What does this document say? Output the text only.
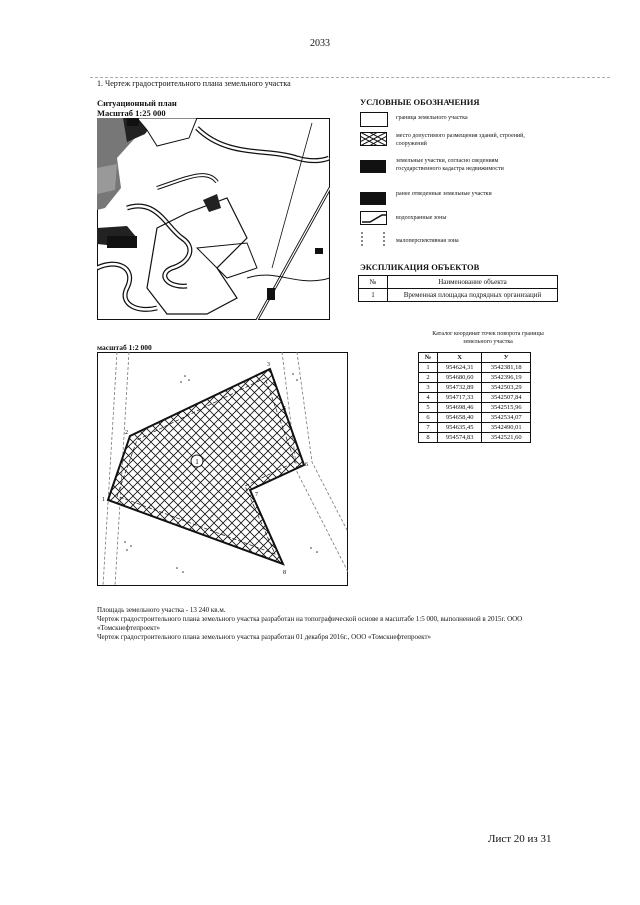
2033
1. Чертеж градостроительного плана земельного участка
Ситуационный план
Масштаб 1:25 000
УСЛОВНЫЕ ОБОЗНАЧЕНИЯ
граница земельного участка
место допустимого размещения зданий, строений, сооружений
земельные участки, согласно сведениям государственного кадастра недвижимости
ранее отведенные земельные участки
водоохранные зоны
малоперспективная зона
ЭКСПЛИКАЦИЯ ОБЪЕКТОВ
№	Наименование объекта
1	Временная площадка подрядных организаций
Каталог координат точек поворота границы земельного участка
№	X	У
1	954624,31	3542381,18
2	954680,60	3542396,19
3	954732,89	3542503,29
4	954717,33	3542507,84
5	954698,46	3542515,96
6	954658,40	3542534,07
7	954635,45	3542490,01
8	954574,83	3542521,60
масштаб 1:2 000
1
1
2
3
4
5
6
7
8
Площадь земельного участка - 13 240 кв.м.
Чертеж градостроительного плана земельного участка разработан на топографической основе в масштабе 1:5 000, выполненной в 2015г. ООО «Томскнефтепроект»
Чертеж градостроительного плана земельного участка разработан 01 декабря 2016г., ООО «Томскнефтепроект»
Лист 20 из 31
